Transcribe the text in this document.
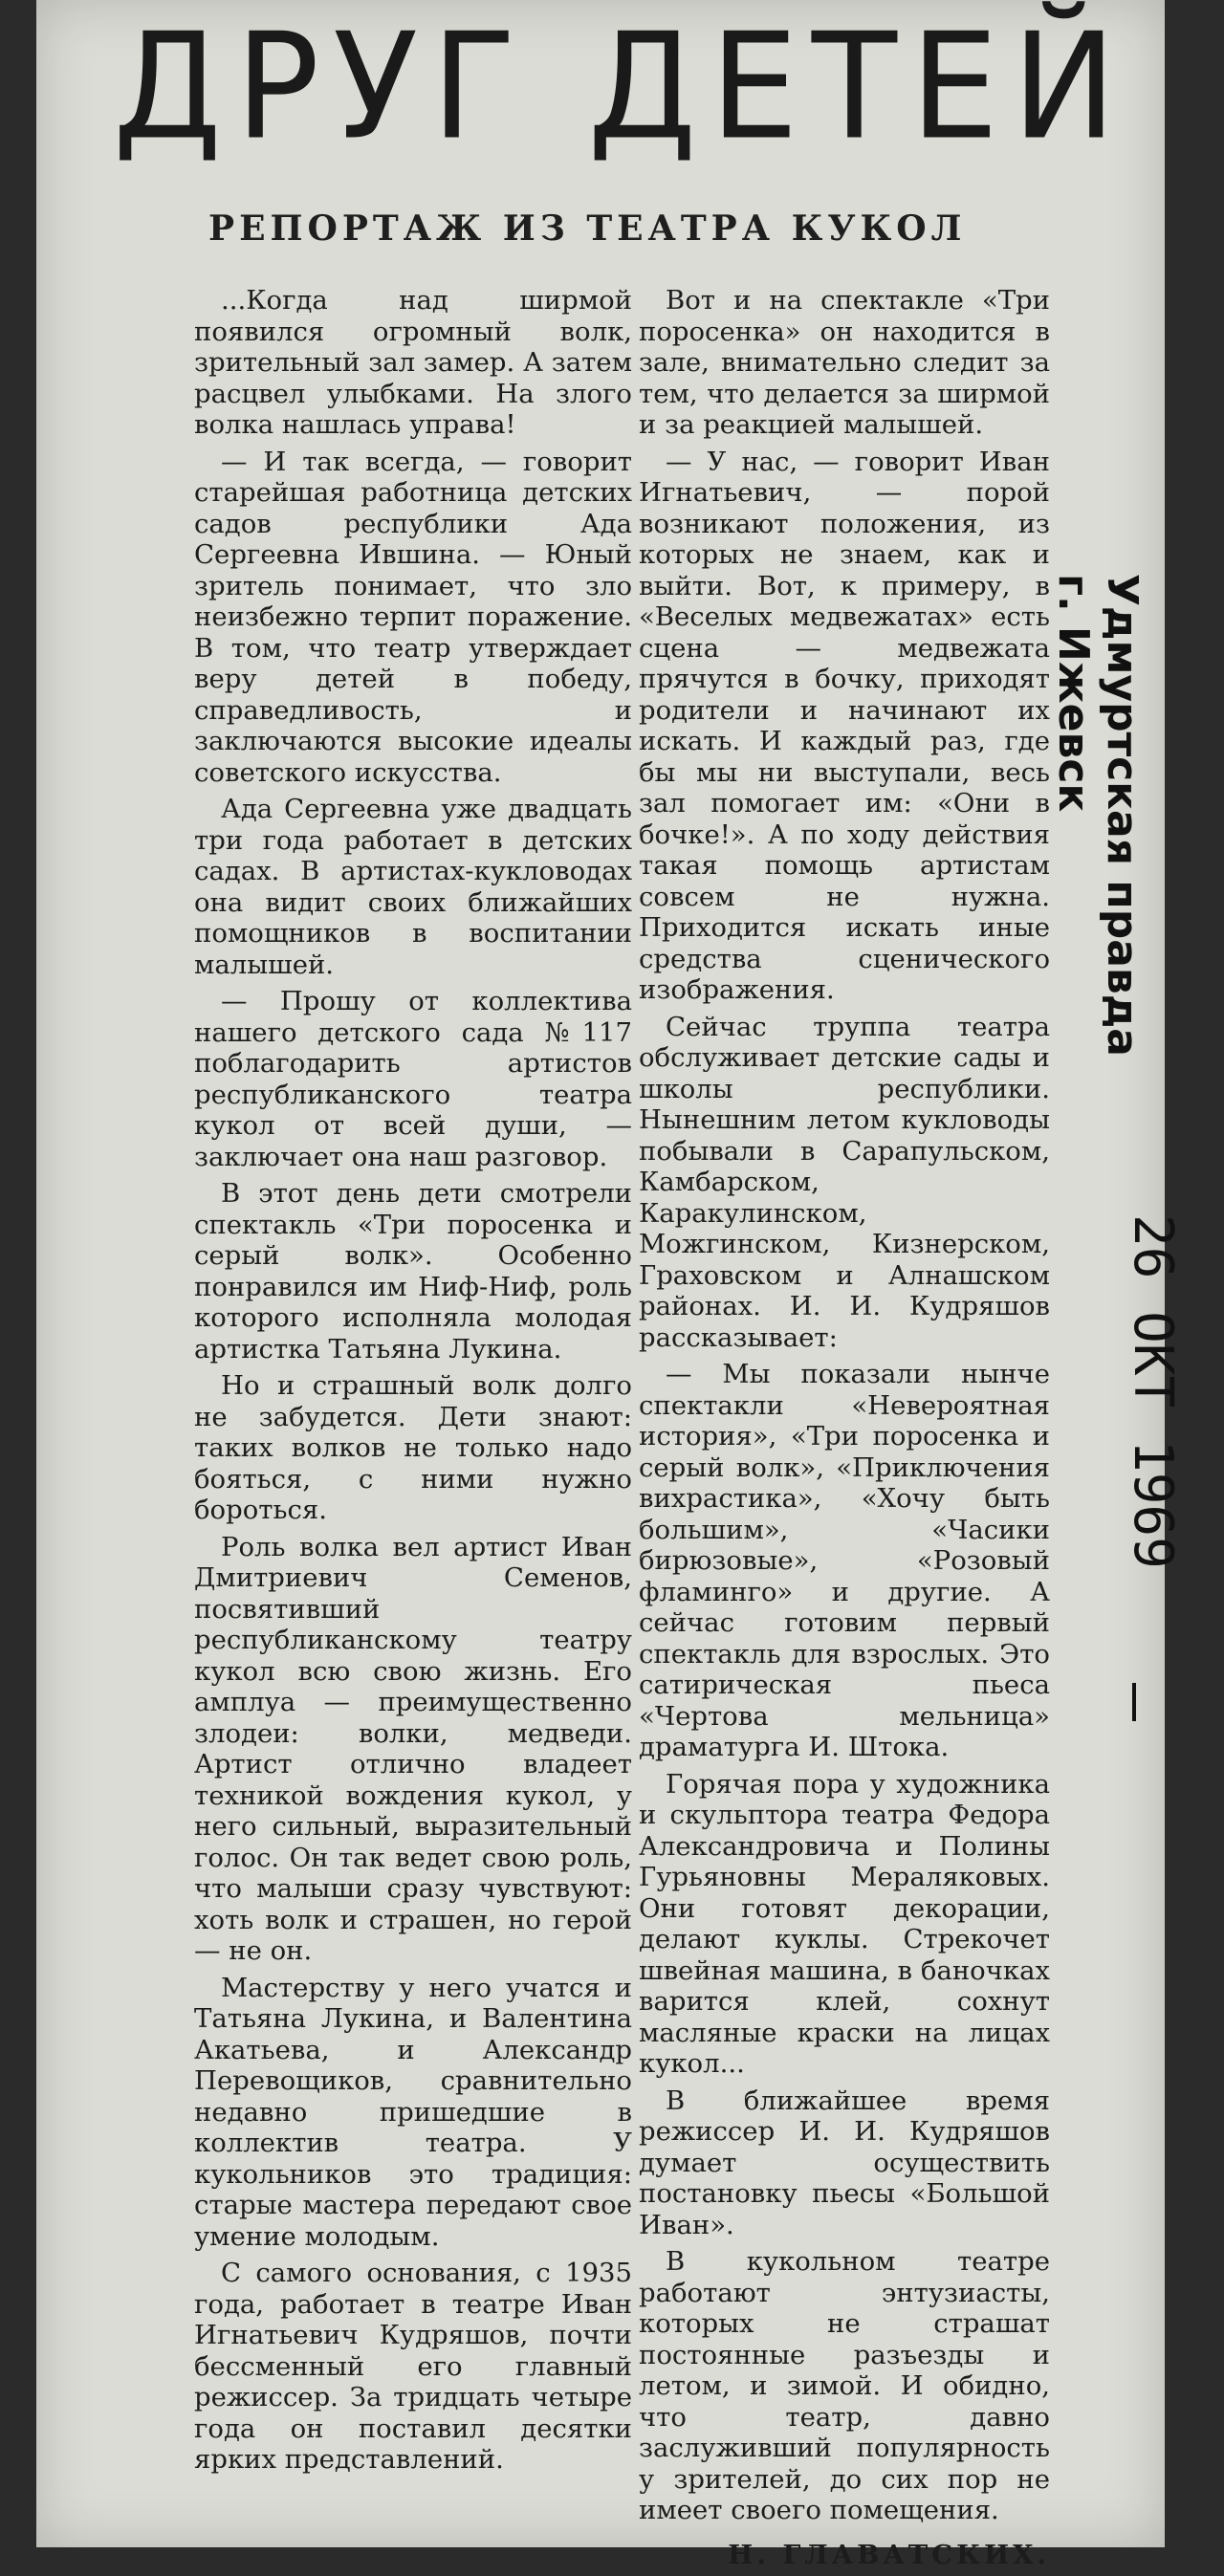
ДРУГ ДЕТЕЙ
РЕПОРТАЖ ИЗ ТЕАТРА КУКОЛ

...Когда над ширмой появился огромный волк, зрительный зал замер. А затем расцвел улыбками. На злого волка нашлась управа!

— И так всегда, — говорит старейшая работница детских садов республики Ада Сергеевна Ившина. — Юный зритель понимает, что зло неизбежно терпит поражение. В том, что театр утверждает веру детей в победу, справедливость, и заключаются высокие идеалы советского искусства.

Ада Сергеевна уже двадцать три года работает в детских садах. В артистах-кукловодах она видит своих ближайших помощников в воспитании малышей.

— Прошу от коллектива нашего детского сада №117 поблагодарить артистов республиканского театра кукол от всей души, — заключает она наш разговор.

В этот день дети смотрели спектакль «Три поросенка и серый волк». Особенно понравился им Ниф-Ниф, роль которого исполняла молодая артистка Татьяна Лукина.

Но и страшный волк долго не забудется. Дети знают: таких волков не только надо бояться, с ними нужно бороться.

Роль волка вел артист Иван Дмитриевич Семенов, посвятивший республиканскому театру кукол всю свою жизнь. Его амплуа — преимущественно злодеи: волки, медведи. Артист отлично владеет техникой вождения кукол, у него сильный, выразительный голос. Он так ведет свою роль, что малыши сразу чувствуют: хоть волк и страшен, но герой — не он.

Мастерству у него учатся и Татьяна Лукина, и Валентина Акатьева, и Александр Перевощиков, сравнительно недавно пришедшие в коллектив театра. У кукольников это традиция: старые мастера передают свое умение молодым.

С самого основания, с 1935 года, работает в театре Иван Игнатьевич Кудряшов, почти бессменный его главный режиссер. За тридцать четыре года он поставил десятки ярких представлений.

Вот и на спектакле «Три поросенка» он находится в зале, внимательно следит за тем, что делается за ширмой и за реакцией малышей.

— У нас, — говорит Иван Игнатьевич, — порой возникают положения, из которых не знаем, как и выйти. Вот, к примеру, в «Веселых медвежатах» есть сцена — медвежата прячутся в бочку, приходят родители и начинают их искать. И каждый раз, где бы мы ни выступали, весь зал помогает им: «Они в бочке!». А по ходу действия такая помощь артистам совсем не нужна. Приходится искать иные средства сценического изображения.

Сейчас труппа театра обслуживает детские сады и школы республики. Нынешним летом кукловоды побывали в Сарапульском, Камбарском, Каракулинском, Можгинском, Кизнерском, Граховском и Алнашском районах. И. И. Кудряшов рассказывает:

— Мы показали нынче спектакли «Невероятная история», «Три поросенка и серый волк», «Приключения вихрастика», «Хочу быть большим», «Часики бирюзовые», «Розовый фламинго» и другие. А сейчас готовим первый спектакль для взрослых. Это сатирическая пьеса «Чертова мельница» драматурга И. Штока.

Горячая пора у художника и скульптора театра Федора Александровича и Полины Гурьяновны Мераляковых. Они готовят декорации, делают куклы. Стрекочет швейная машина, в баночках варится клей, сохнут масляные краски на лицах кукол...

В ближайшее время режиссер И. И. Кудряшов думает осуществить постановку пьесы «Большой Иван».

В кукольном театре работают энтузиасты, которых не страшат постоянные разъезды и летом, и зимой. И обидно, что театр, давно заслуживший популярность у зрителей, до сих пор не имеет своего помещения.

Н. ГЛАВАТСКИХ.

Удмуртская правда
г. Ижевск
26 ОКТ 1969
